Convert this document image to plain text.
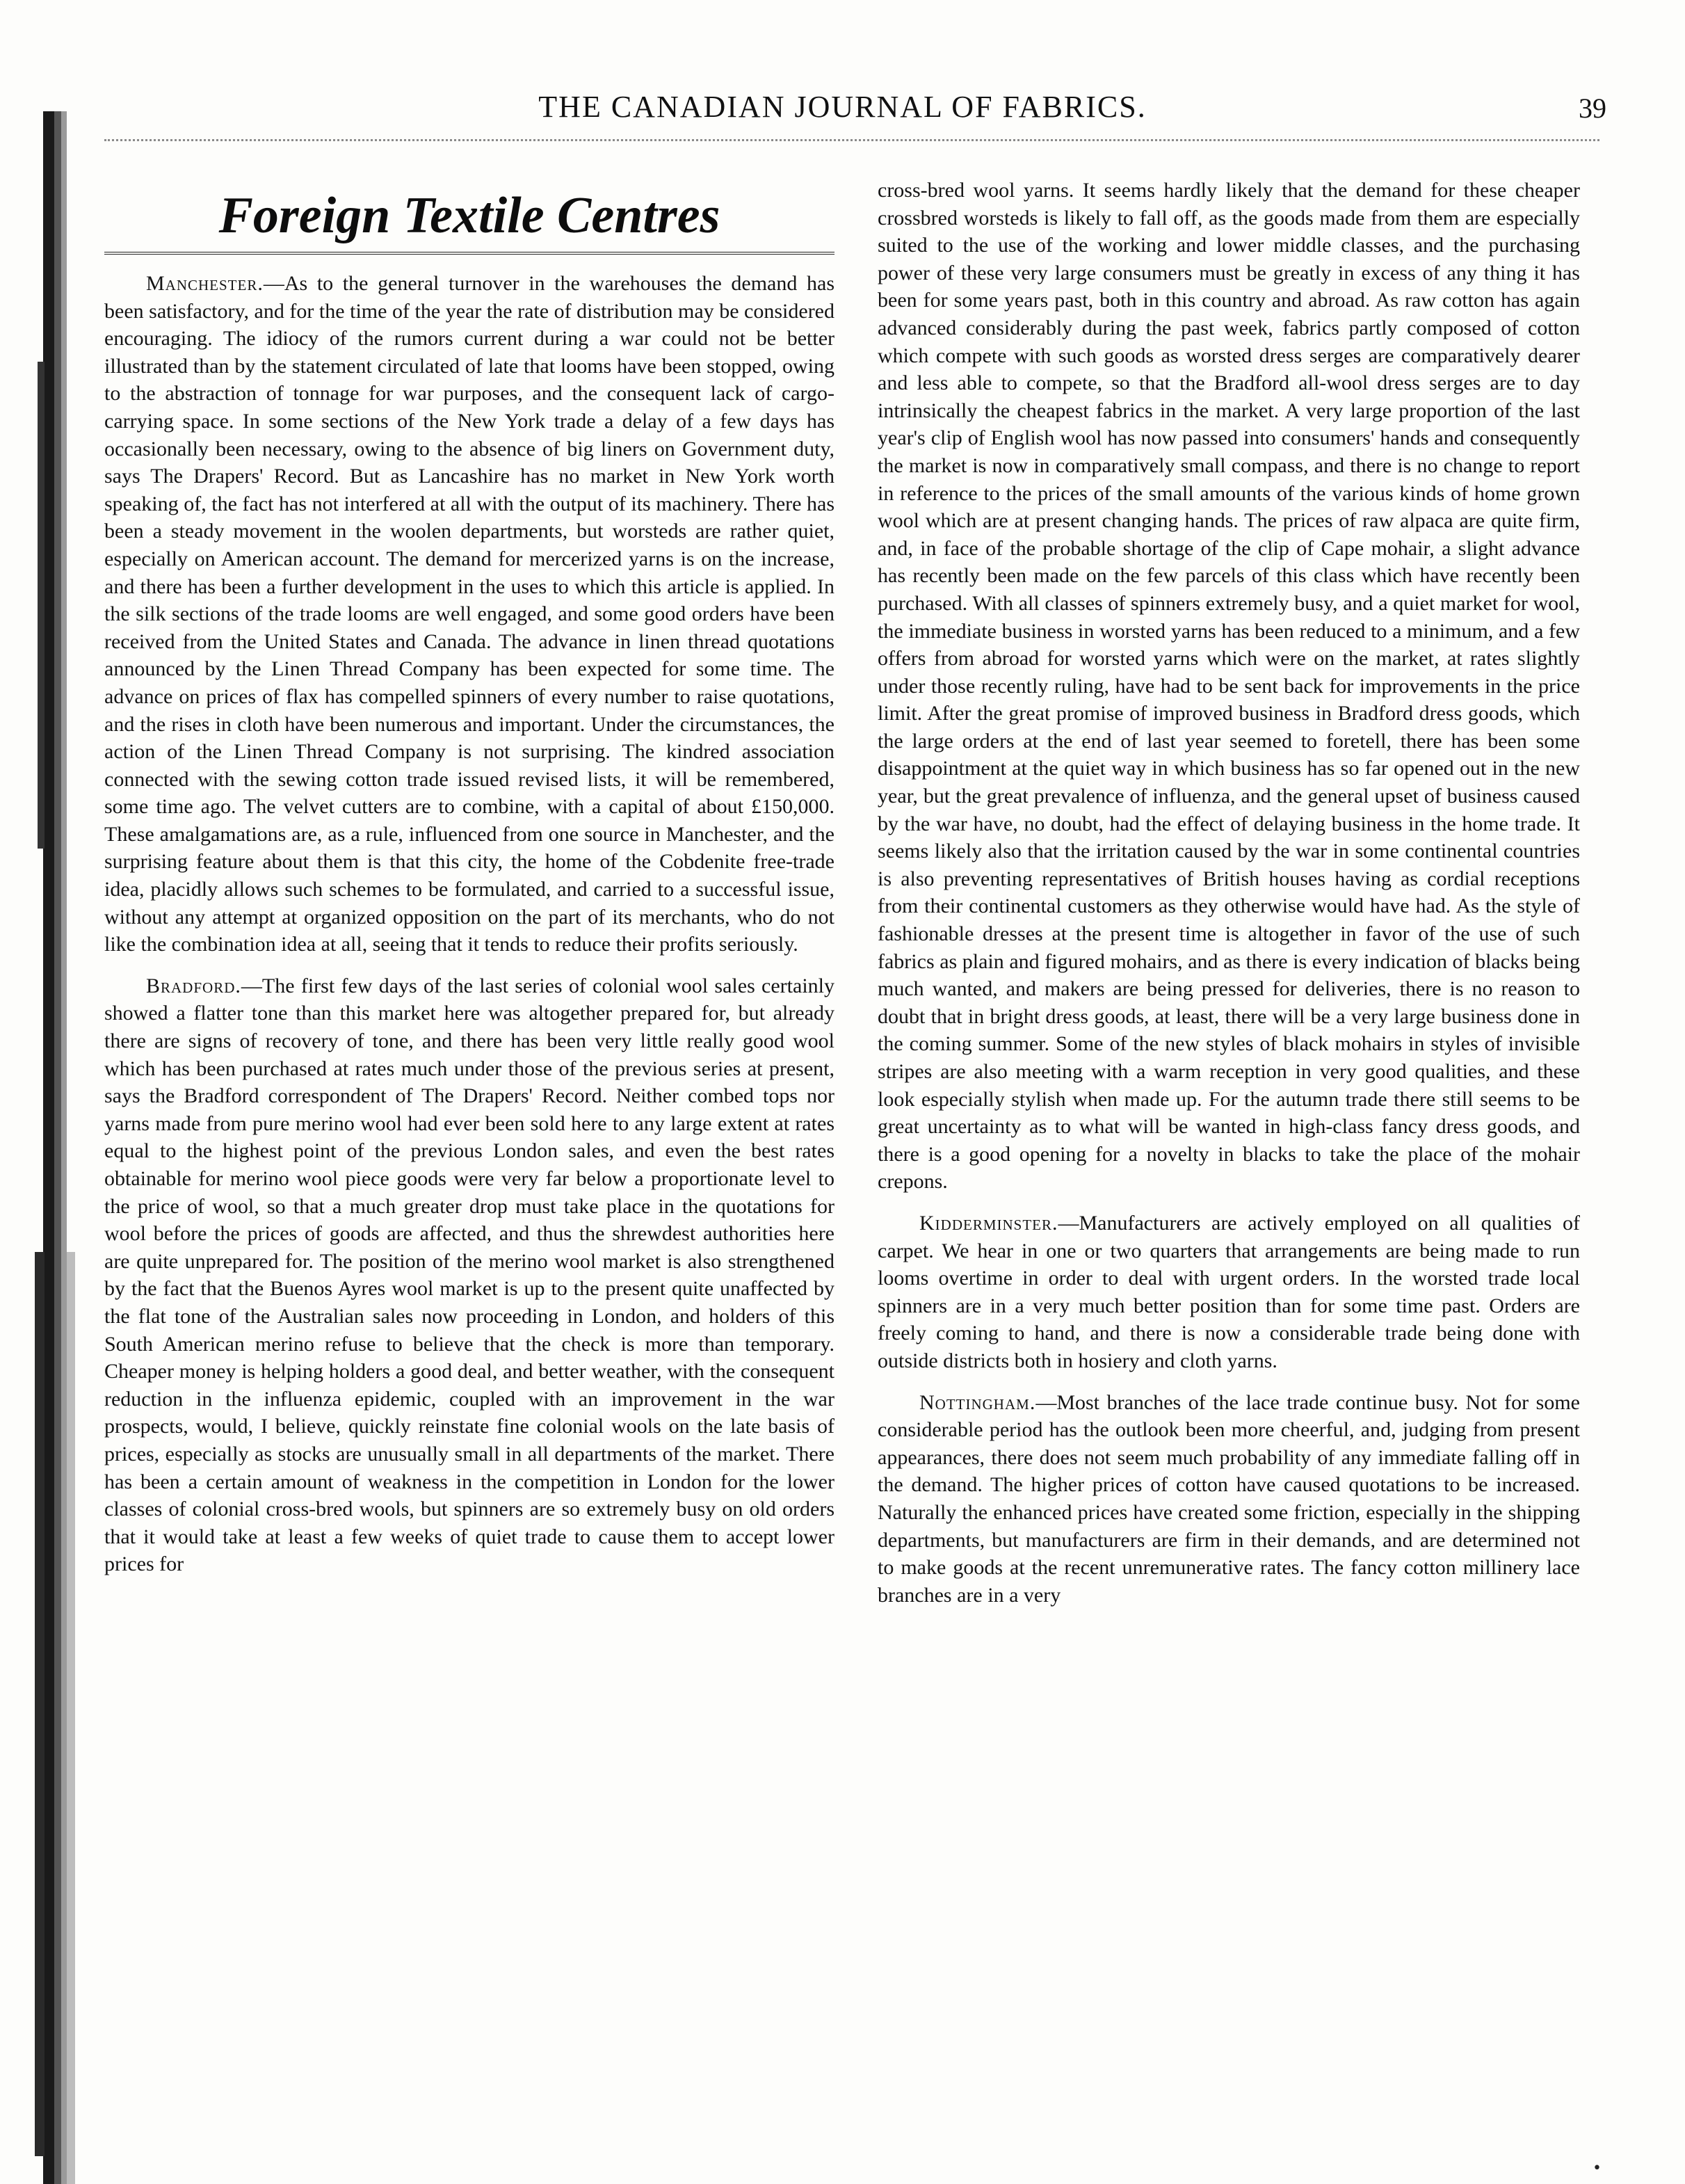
THE CANADIAN JOURNAL OF FABRICS.	39
Foreign Textile Centres

Manchester.—As to the general turnover in the warehouses the demand has been satisfactory, and for the time of the year the rate of distribution may be considered encouraging. The idiocy of the rumors current during a war could not be better illustrated than by the statement circulated of late that looms have been stopped, owing to the abstraction of tonnage for war purposes, and the consequent lack of cargo-carrying space. In some sections of the New York trade a delay of a few days has occasionally been necessary, owing to the absence of big liners on Government duty, says The Drapers' Record. But as Lancashire has no market in New York worth speaking of, the fact has not interfered at all with the output of its machinery. There has been a steady movement in the woolen departments, but worsteds are rather quiet, especially on American account. The demand for mercerized yarns is on the increase, and there has been a further development in the uses to which this article is applied. In the silk sections of the trade looms are well engaged, and some good orders have been received from the United States and Canada. The advance in linen thread quotations announced by the Linen Thread Company has been expected for some time. The advance on prices of flax has compelled spinners of every number to raise quotations, and the rises in cloth have been numerous and important. Under the circumstances, the action of the Linen Thread Company is not surprising. The kindred association connected with the sewing cotton trade issued revised lists, it will be remembered, some time ago. The velvet cutters are to combine, with a capital of about £150,000. These amalgamations are, as a rule, influenced from one source in Manchester, and the surprising feature about them is that this city, the home of the Cobdenite free-trade idea, placidly allows such schemes to be formulated, and carried to a successful issue, without any attempt at organized opposition on the part of its merchants, who do not like the combination idea at all, seeing that it tends to reduce their profits seriously.

Bradford.—The first few days of the last series of colonial wool sales certainly showed a flatter tone than this market here was altogether prepared for, but already there are signs of recovery of tone, and there has been very little really good wool which has been purchased at rates much under those of the previous series at present, says the Bradford correspondent of The Drapers' Record. Neither combed tops nor yarns made from pure merino wool had ever been sold here to any large extent at rates equal to the highest point of the previous London sales, and even the best rates obtainable for merino wool piece goods were very far below a proportionate level to the price of wool, so that a much greater drop must take place in the quotations for wool before the prices of goods are affected, and thus the shrewdest authorities here are quite unprepared for. The position of the merino wool market is also strengthened by the fact that the Buenos Ayres wool market is up to the present quite unaffected by the flat tone of the Australian sales now proceeding in London, and holders of this South American merino refuse to believe that the check is more than temporary. Cheaper money is helping holders a good deal, and better weather, with the consequent reduction in the influenza epidemic, coupled with an improvement in the war prospects, would, I believe, quickly reinstate fine colonial wools on the late basis of prices, especially as stocks are unusually small in all departments of the market. There has been a certain amount of weakness in the competition in London for the lower classes of colonial cross-bred wools, but spinners are so extremely busy on old orders that it would take at least a few weeks of quiet trade to cause them to accept lower prices for

cross-bred wool yarns. It seems hardly likely that the demand for these cheaper crossbred worsteds is likely to fall off, as the goods made from them are especially suited to the use of the working and lower middle classes, and the purchasing power of these very large consumers must be greatly in excess of any thing it has been for some years past, both in this country and abroad. As raw cotton has again advanced considerably during the past week, fabrics partly composed of cotton which compete with such goods as worsted dress serges are comparatively dearer and less able to compete, so that the Bradford all-wool dress serges are to day intrinsically the cheapest fabrics in the market. A very large proportion of the last year's clip of English wool has now passed into consumers' hands and consequently the market is now in comparatively small compass, and there is no change to report in reference to the prices of the small amounts of the various kinds of home grown wool which are at present changing hands. The prices of raw alpaca are quite firm, and, in face of the probable shortage of the clip of Cape mohair, a slight advance has recently been made on the few parcels of this class which have recently been purchased. With all classes of spinners extremely busy, and a quiet market for wool, the immediate business in worsted yarns has been reduced to a minimum, and a few offers from abroad for worsted yarns which were on the market, at rates slightly under those recently ruling, have had to be sent back for improvements in the price limit. After the great promise of improved business in Bradford dress goods, which the large orders at the end of last year seemed to foretell, there has been some disappointment at the quiet way in which business has so far opened out in the new year, but the great prevalence of influenza, and the general upset of business caused by the war have, no doubt, had the effect of delaying business in the home trade. It seems likely also that the irritation caused by the war in some continental countries is also preventing representatives of British houses having as cordial receptions from their continental customers as they otherwise would have had. As the style of fashionable dresses at the present time is altogether in favor of the use of such fabrics as plain and figured mohairs, and as there is every indication of blacks being much wanted, and makers are being pressed for deliveries, there is no reason to doubt that in bright dress goods, at least, there will be a very large business done in the coming summer. Some of the new styles of black mohairs in styles of invisible stripes are also meeting with a warm reception in very good qualities, and these look especially stylish when made up. For the autumn trade there still seems to be great uncertainty as to what will be wanted in high-class fancy dress goods, and there is a good opening for a novelty in blacks to take the place of the mohair crepons.

Kidderminster.—Manufacturers are actively employed on all qualities of carpet. We hear in one or two quarters that arrangements are being made to run looms overtime in order to deal with urgent orders. In the worsted trade local spinners are in a very much better position than for some time past. Orders are freely coming to hand, and there is now a considerable trade being done with outside districts both in hosiery and cloth yarns.

Nottingham.—Most branches of the lace trade continue busy. Not for some considerable period has the outlook been more cheerful, and, judging from present appearances, there does not seem much probability of any immediate falling off in the demand. The higher prices of cotton have caused quotations to be increased. Naturally the enhanced prices have created some friction, especially in the shipping departments, but manufacturers are firm in their demands, and are determined not to make goods at the recent unremunerative rates. The fancy cotton millinery lace branches are in a very

•
